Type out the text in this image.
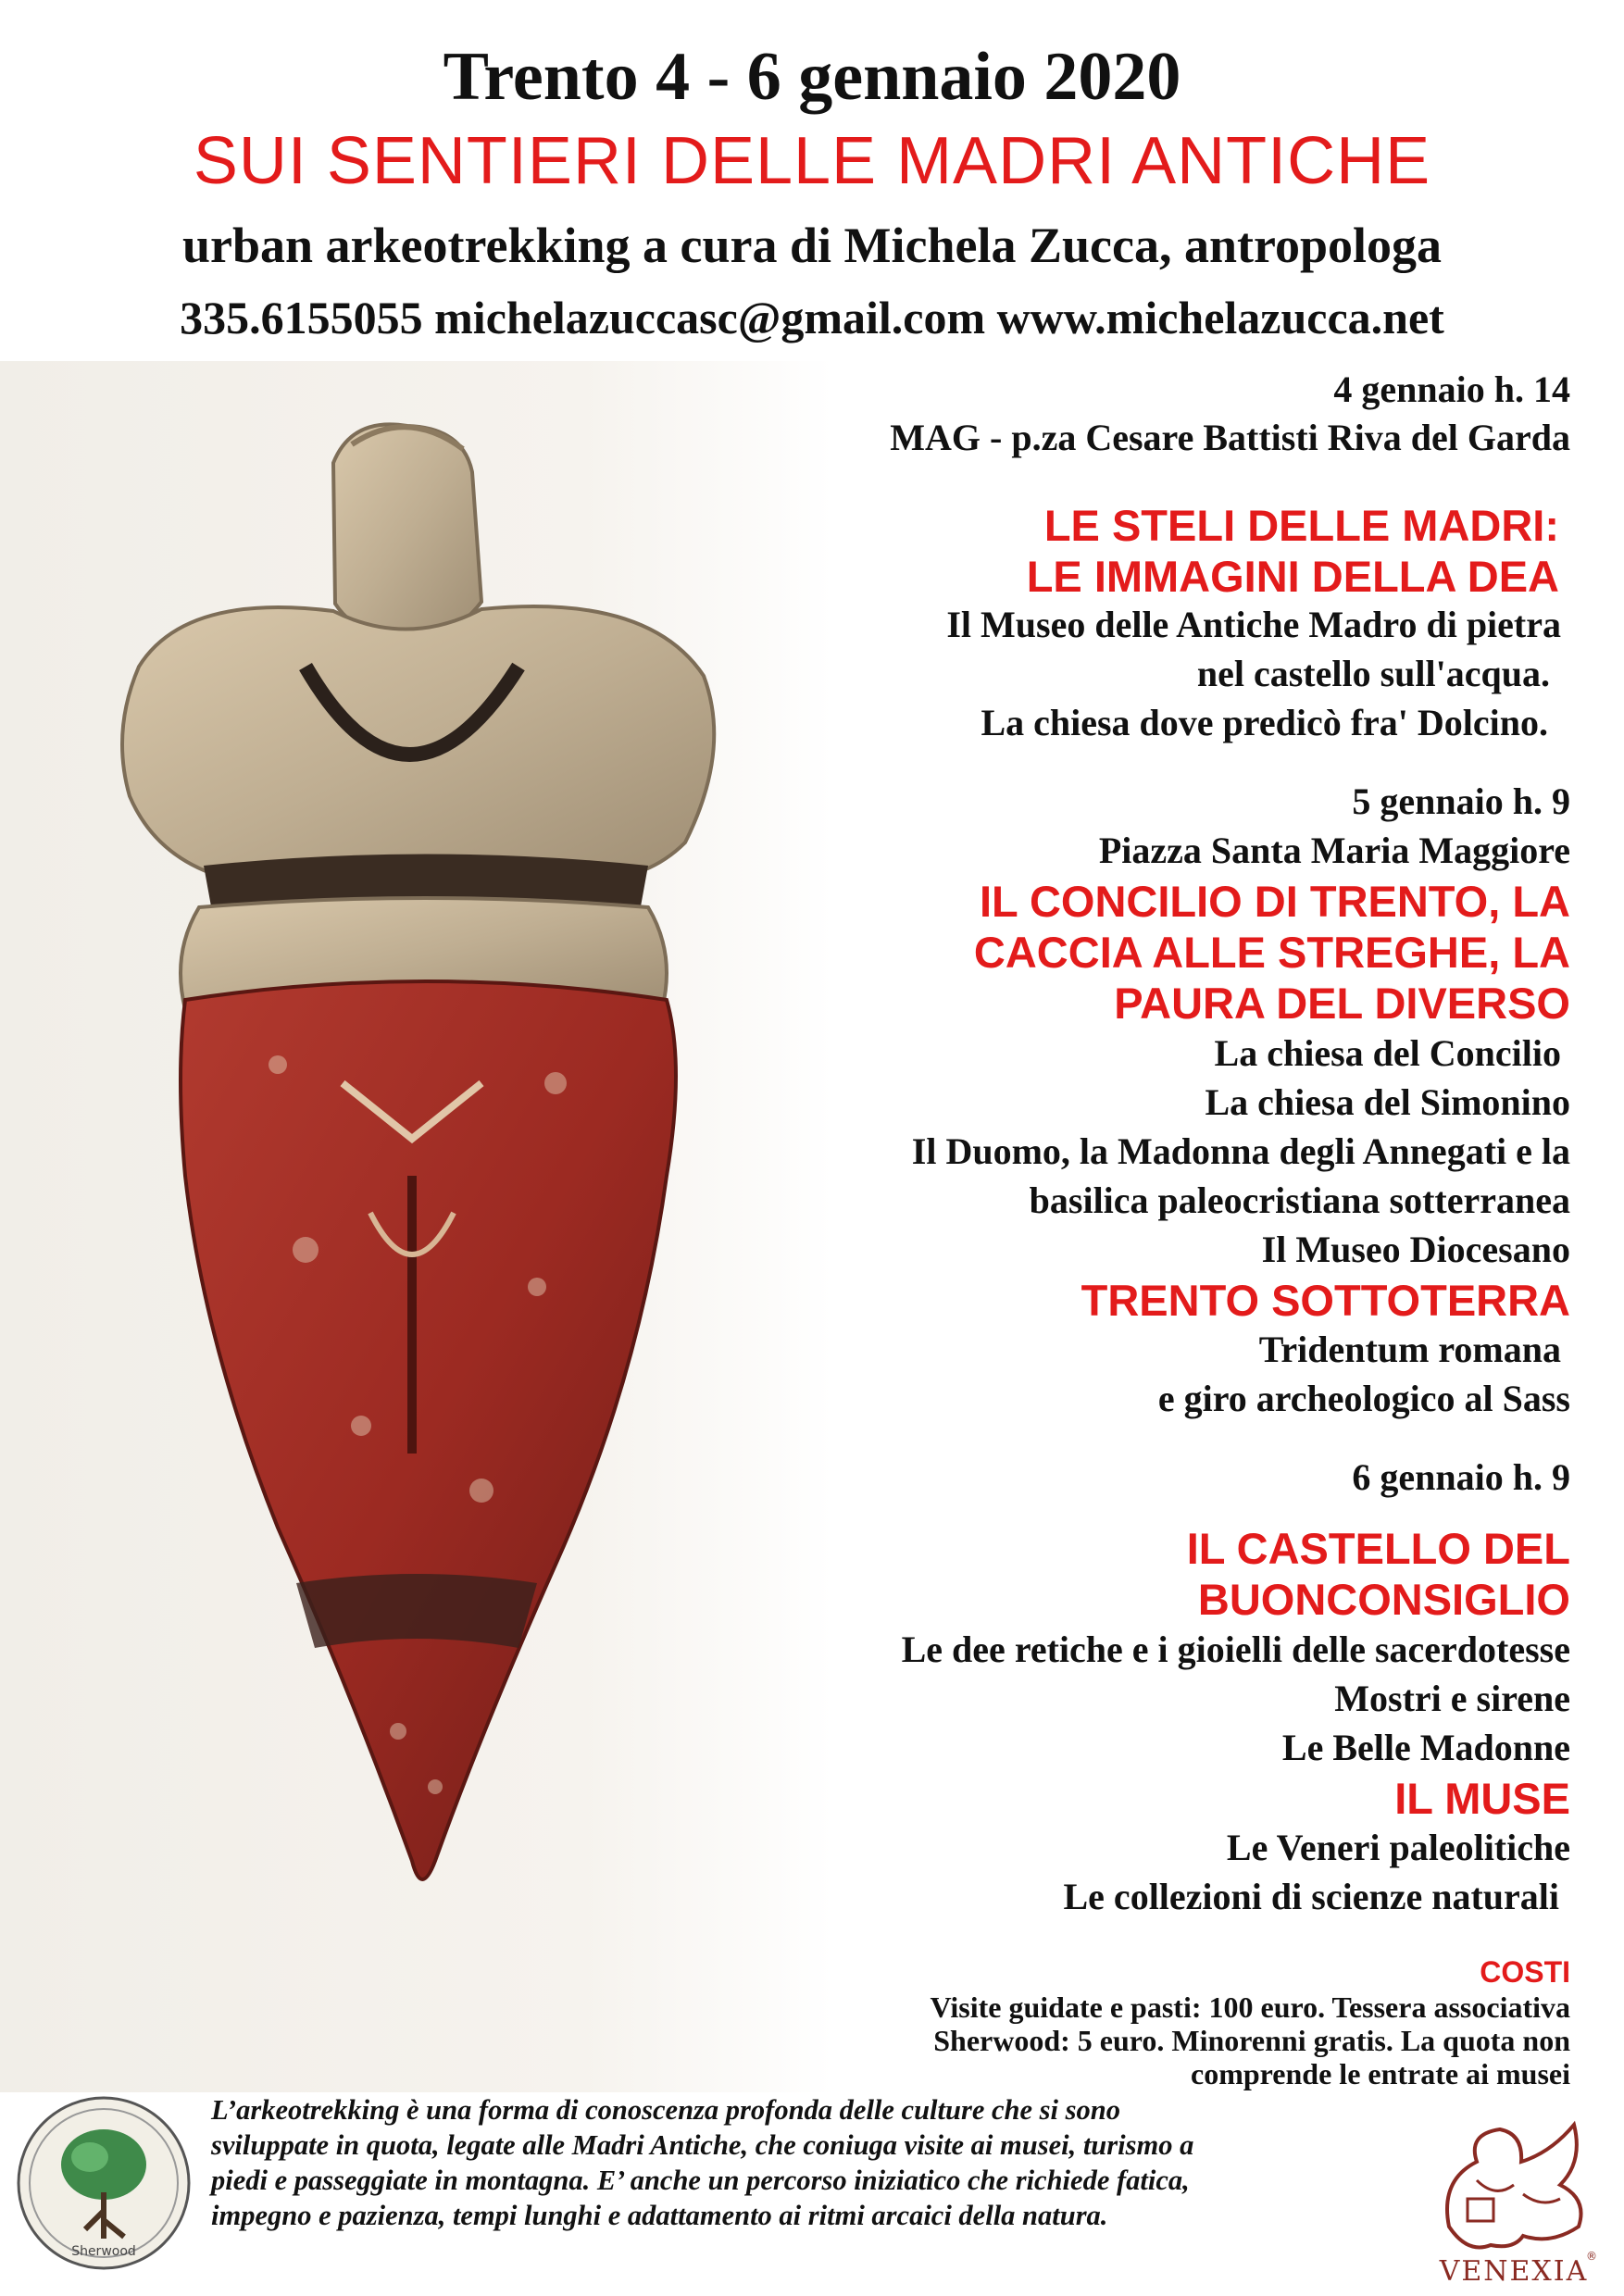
Trento 4 - 6 gennaio 2020
SUI SENTIERI DELLE MADRI ANTICHE
urban arkeotrekking a cura di Michela Zucca, antropologa
335.6155055 michelazuccasc@gmail.com www.michelazucca.net
4 gennaio h. 14
MAG - p.za Cesare Battisti Riva del Garda
LE STELI DELLE MADRI:
LE IMMAGINI DELLA DEA
Il Museo delle Antiche Madro di pietra
nel castello sull'acqua.
La chiesa dove predicò fra' Dolcino.
5 gennaio h. 9
Piazza Santa Maria Maggiore
IL CONCILIO DI TRENTO, LA
CACCIA ALLE STREGHE, LA
PAURA DEL DIVERSO
La chiesa del Concilio
La chiesa del Simonino
Il Duomo, la Madonna degli Annegati e la
basilica paleocristiana sotterranea
Il Museo Diocesano
TRENTO SOTTOTERRA
Tridentum romana
e giro archeologico al Sass
6 gennaio h. 9
IL CASTELLO DEL
BUONCONSIGLIO
Le dee retiche e i gioielli delle sacerdotesse
Mostri e sirene
Le Belle Madonne
IL MUSE
Le Veneri paleolitiche
Le collezioni di scienze naturali
COSTI
Visite guidate e pasti: 100 euro. Tessera associativa
Sherwood: 5 euro. Minorenni gratis. La quota non
comprende le entrate ai musei
L’arkeotrekking è una forma di conoscenza profonda delle culture che si sono
sviluppate in quota, legate alle Madri Antiche, che coniuga visite ai musei, turismo a
piedi e passeggiate in montagna. E’ anche un percorso iniziatico che richiede fatica,
impegno e pazienza, tempi lunghi e adattamento ai ritmi arcaici della natura.
Sherwood
VENEXIA
®
